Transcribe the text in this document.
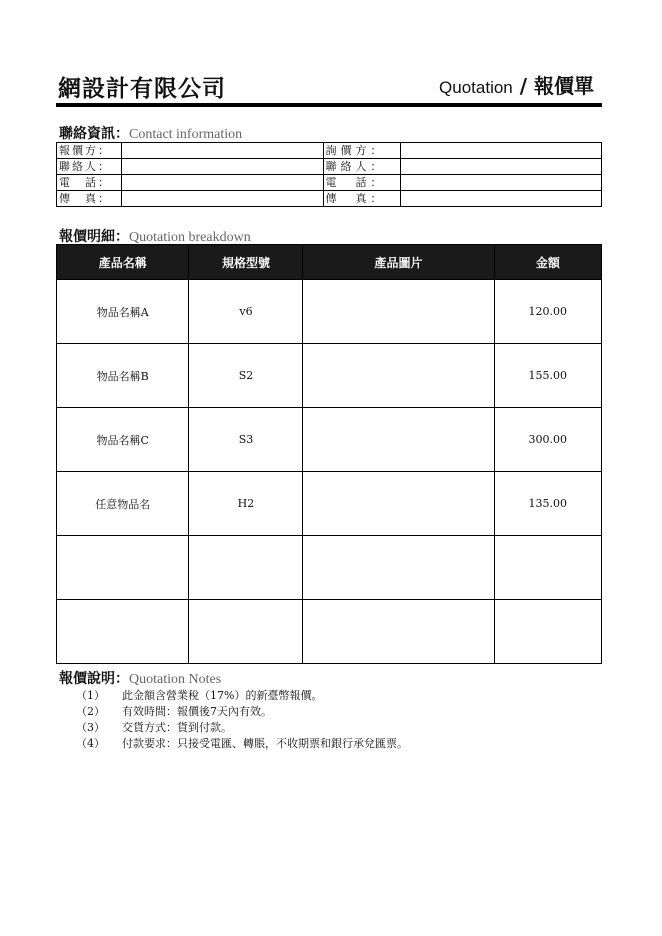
網設計有限公司	Quotation / 報價單
聯絡資訊：Contact information
報價方：		詢價方：	
聯絡人：		聯絡人：	
電　話：		電　話：	
傳　真：		傳　真：	
報價明細：Quotation breakdown
產品名稱	規格型號	產品圖片	金額
物品名稱A	v6		120.00
物品名稱B	S2		155.00
物品名稱C	S3		300.00
任意物品名	H2		135.00

報價說明：Quotation Notes
（1） 此金額含營業稅（17%）的新臺幣報價。
（2） 有效時間：報價後7天內有效。
（3） 交貨方式：貨到付款。
（4） 付款要求：只接受電匯、轉賬，不收期票和銀行承兌匯票。
